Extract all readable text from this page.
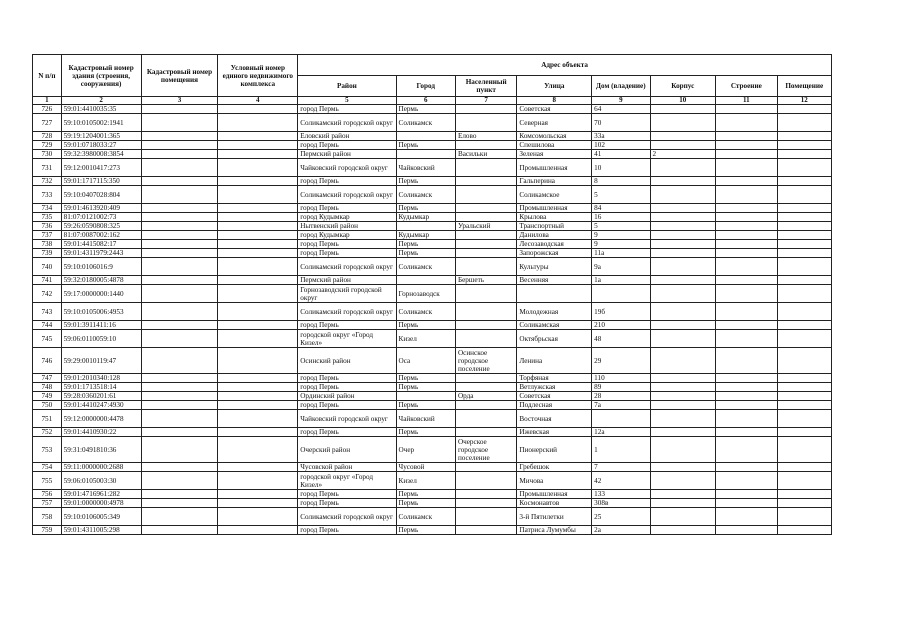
N п/п	Кадастровый номер здания (строения, сооружения)	Кадастровый номер помещения	Условный номер единого недвижимого комплекса	Адрес объекта							
				Район	Город	Населенный пункт	Улица	Дом (владение)	Корпус	Строение	Помещение
1	2	3	4	5	6	7	8	9	10	11	12
726	59:01:4410035:35			город Пермь	Пермь		Советская	64			
727	59:10:0105002:1941			Соликамский городской округ	Соликамск		Северная	70			
728	59:19:1204001:365			Еловский район		Елово	Комсомольская	33а			
729	59:01:0718033:27			город Пермь	Пермь		Спешилова	102			
730	59:32:3980008:3854			Пермский район		Васильки	Зеленая	41	2		
731	59:12:0010417:273			Чайковский городской округ	Чайковский		Промышленная	10			
732	59:01:1717115:350			город Пермь	Пермь		Гальперина	8			
733	59:10:0407028:804			Соликамский городской округ	Соликамск		Соликамское	5			
734	59:01:4613920:409			город Пермь	Пермь		Промышленная	84			
735	81:07:0121002:73			город Кудымкар	Кудымкар		Крылова	16			
736	59:26:0590808:325			Нытвенский район		Уральский	Транспортный	5			
737	81:07:0087002:162			город Кудымкар	Кудымкар		Данилова	9			
738	59:01:4415082:17			город Пермь	Пермь		Лесозаводская	9			
739	59:01:4311979:2443			город Пермь	Пермь		Запорожская	11а			
740	59:10:0106016:9			Соликамский городской округ	Соликамск		Культуры	9а			
741	59:32:0180005:4878			Пермский район		Бершеть	Весенняя	1а			
742	59:17:0000000:1440			Горнозаводский городской округ	Горнозаводск						
743	59:10:0105006:4953			Соликамский городской округ	Соликамск		Молодежная	19б			
744	59:01:3911411:16			город Пермь	Пермь		Соликамская	210			
745	59:06:0110059:10			городской округ «Город Кизел»	Кизел		Октябрьская	48			
746	59:29:0010119:47			Осинский район	Оса	Осинское городское поселение	Ленина	29			
747	59:01:2010340:128			город Пермь	Пермь		Торфяная	110			
748	59:01:1713518:14			город Пермь	Пермь		Ветлужская	89			
749	59:28:0360201:61			Ординский район		Орда	Советская	28			
750	59:01:4410247:4930			город Пермь	Пермь		Подлесная	7а			
751	59:12:0000000:4478			Чайковский городской округ	Чайковский		Восточная				
752	59:01:4410930:22			город Пермь	Пермь		Ижевская	12а			
753	59:31:0491810:36			Очерский район	Очер	Очерское городское поселение	Пионерский	1			
754	59:11:0000000:2688			Чусовской район	Чусовой		Гребешок	7			
755	59:06:0105003:30			городской округ «Город Кизел»	Кизел		Мичова	42			
756	59:01:4716961:282			город Пермь	Пермь		Промышленная	133			
757	59:01:0000000:4978			город Пермь	Пермь		Космонавтов	308в			
758	59:10:0106005:349			Соликамский городской округ	Соликамск		3-й Пятилетки	25			
759	59:01:4311005:298			город Пермь	Пермь		Патриса Лумумбы	2а			
